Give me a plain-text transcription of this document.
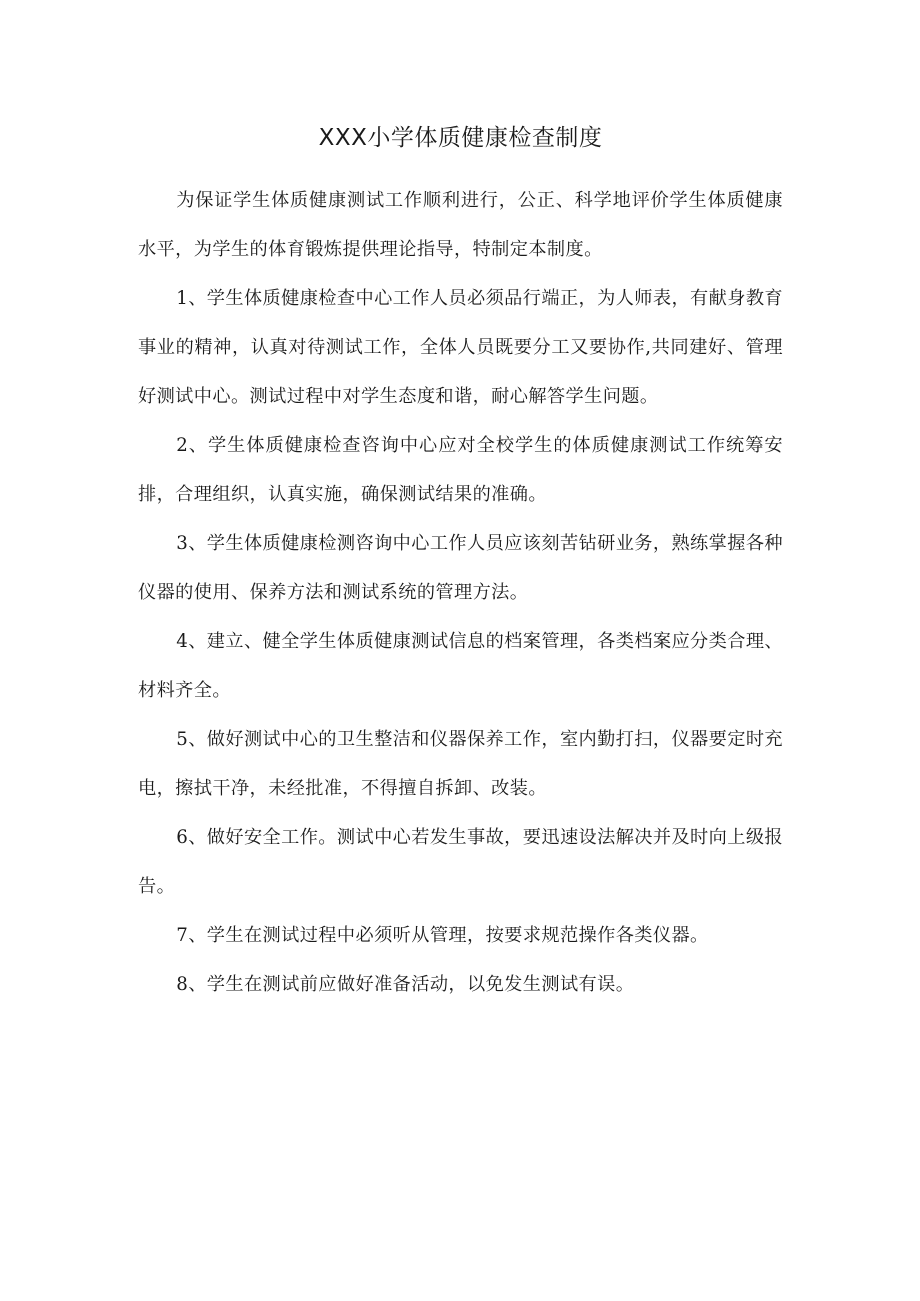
XXX小学体质健康检查制度

为保证学生体质健康测试工作顺利进行，公正、科学地评价学生体质健康水平，为学生的体育锻炼提供理论指导，特制定本制度。

1、学生体质健康检查中心工作人员必须品行端正，为人师表，有献身教育事业的精神，认真对待测试工作，全体人员既要分工又要协作,共同建好、管理好测试中心。测试过程中对学生态度和谐，耐心解答学生问题。

2、学生体质健康检查咨询中心应对全校学生的体质健康测试工作统筹安排，合理组织，认真实施，确保测试结果的准确。

3、学生体质健康检测咨询中心工作人员应该刻苦钻研业务，熟练掌握各种仪器的使用、保养方法和测试系统的管理方法。

4、建立、健全学生体质健康测试信息的档案管理，各类档案应分类合理、材料齐全。

5、做好测试中心的卫生整洁和仪器保养工作，室内勤打扫，仪器要定时充电，擦拭干净，未经批准，不得擅自拆卸、改装。

6、做好安全工作。测试中心若发生事故，要迅速设法解决并及时向上级报告。

7、学生在测试过程中必须听从管理，按要求规范操作各类仪器。

8、学生在测试前应做好准备活动，以免发生测试有误。
